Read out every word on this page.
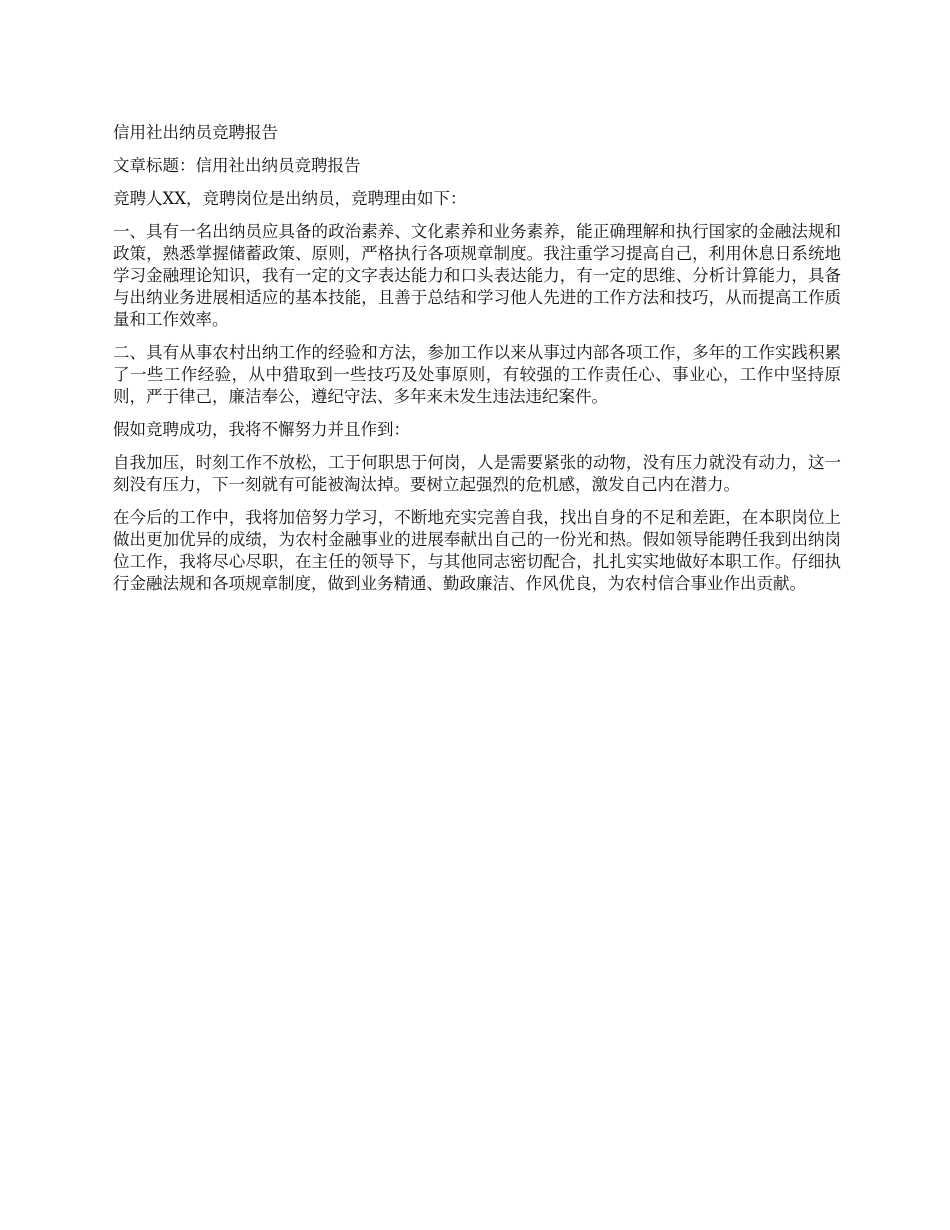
信用社出纳员竞聘报告

文章标题：信用社出纳员竞聘报告

竞聘人XX，竞聘岗位是出纳员，竞聘理由如下：

一、具有一名出纳员应具备的政治素养、文化素养和业务素养，能正确理解和执行国家的金融法规和政策，熟悉掌握储蓄政策、原则，严格执行各项规章制度。我注重学习提高自己，利用休息日系统地学习金融理论知识，我有一定的文字表达能力和口头表达能力，有一定的思维、分析计算能力，具备与出纳业务进展相适应的基本技能，且善于总结和学习他人先进的工作方法和技巧，从而提高工作质量和工作效率。

二、具有从事农村出纳工作的经验和方法，参加工作以来从事过内部各项工作，多年的工作实践积累了一些工作经验，从中猎取到一些技巧及处事原则，有较强的工作责任心、事业心，工作中坚持原则，严于律己，廉洁奉公，遵纪守法、多年来未发生违法违纪案件。

假如竞聘成功，我将不懈努力并且作到：

自我加压，时刻工作不放松，工于何职思于何岗，人是需要紧张的动物，没有压力就没有动力，这一刻没有压力，下一刻就有可能被淘汰掉。要树立起强烈的危机感，激发自己内在潜力。

在今后的工作中，我将加倍努力学习，不断地充实完善自我，找出自身的不足和差距，在本职岗位上做出更加优异的成绩，为农村金融事业的进展奉献出自己的一份光和热。假如领导能聘任我到出纳岗位工作，我将尽心尽职，在主任的领导下，与其他同志密切配合，扎扎实实地做好本职工作。仔细执行金融法规和各项规章制度，做到业务精通、勤政廉洁、作风优良，为农村信合事业作出贡献。
